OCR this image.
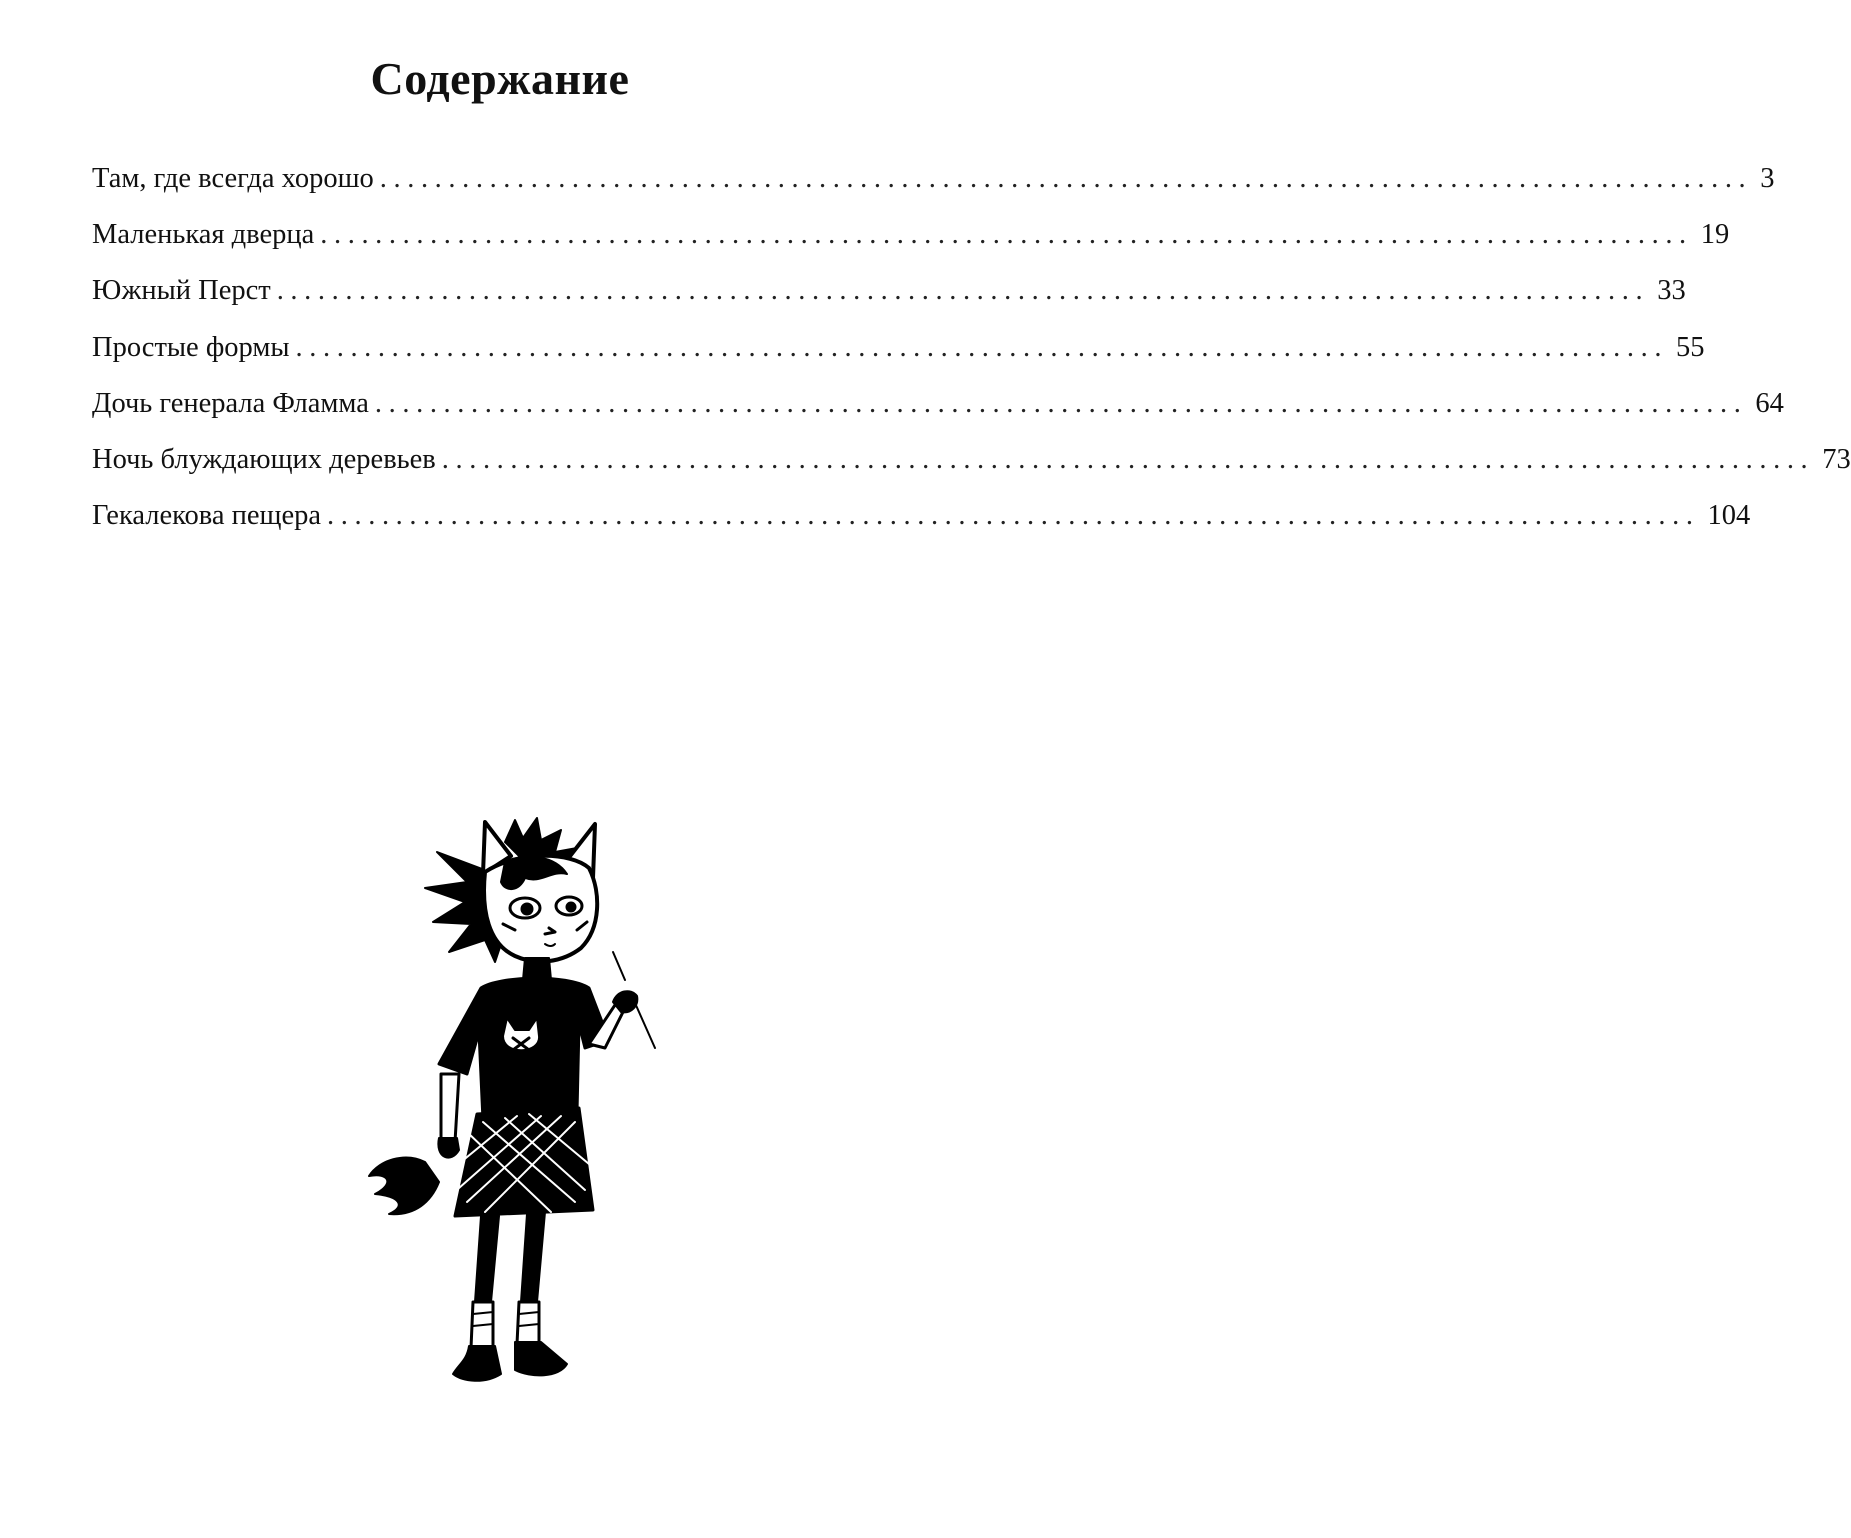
Содержание
Там, где всегда хорошо .................................................................................................... 3
Маленькая дверца .................................................................................................... 19
Южный Перст .................................................................................................... 33
Простые формы .................................................................................................... 55
Дочь генерала Фламма .................................................................................................... 64
Ночь блуждающих деревьев .................................................................................................... 73
Гекалекова пещера .................................................................................................... 104
